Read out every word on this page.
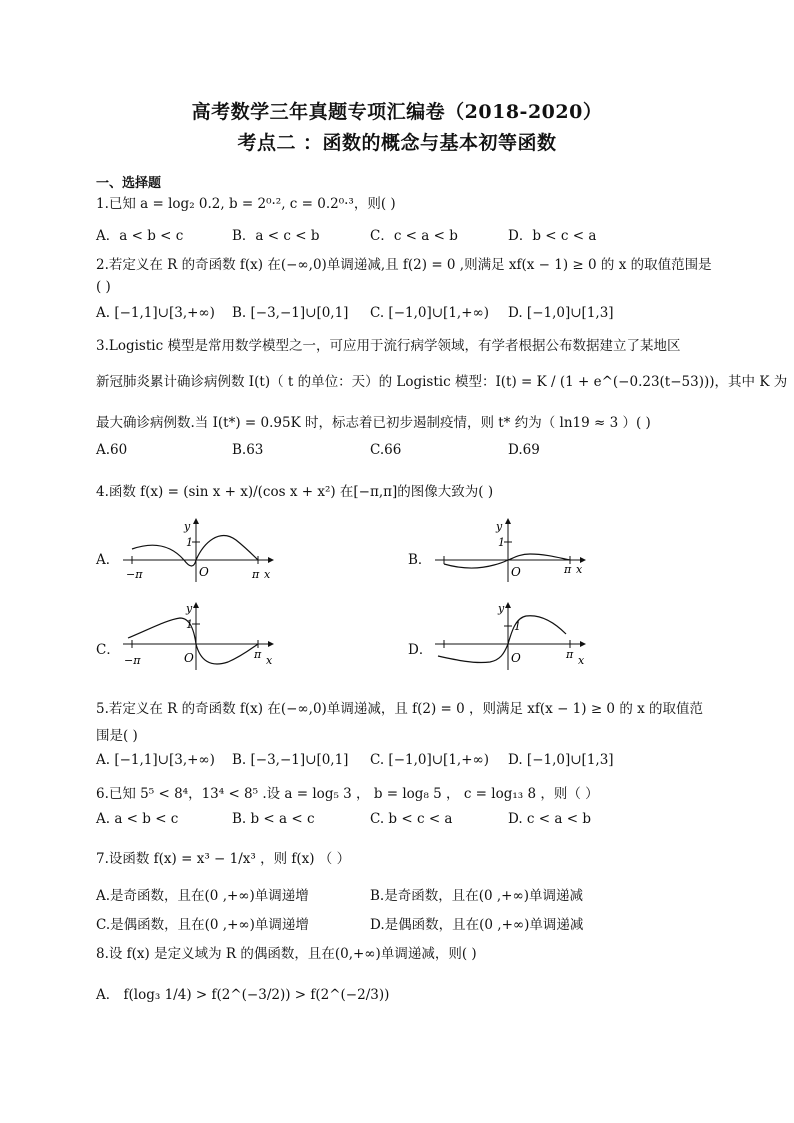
高考数学三年真题专项汇编卷（2018-2020）
考点二 ：函数的概念与基本初等函数
一、选择题
1.已知 a = log₂ 0.2, b = 2⁰·², c = 0.2⁰·³，则( )
A．a < b < c	B．a < c < b	C．c < a < b	D．b < c < a
2.若定义在 R 的奇函数 f(x) 在(−∞,0)单调递减,且 f(2) = 0 ,则满足 xf(x − 1) ≥ 0 的 x 的取值范围是
( )
A. [−1,1]∪[3,+∞) B. [−3,−1]∪[0,1] C. [−1,0]∪[1,+∞) D. [−1,0]∪[1,3]
3.Logistic 模型是常用数学模型之一，可应用于流行病学领域，有学者根据公布数据建立了某地区
新冠肺炎累计确诊病例数 I(t)（ t 的单位：天）的 Logistic 模型：I(t) = K / (1 + e^(−0.23(t−53)))，其中 K 为
最大确诊病例数.当 I(t*) = 0.95K 时，标志着已初步遏制疫情，则 t* 约为（ ln19 ≈ 3 ）( )
A.60	B.63	C.66	D.69
4.函数 f(x) = (sin x + x)/(cos x + x²) 在[−π,π]的图像大致为( )
A．	B．
C．	D．
y
1
O
−π	π x
y
1
O	π x
y
1
O
−π	π x
y
1
O	π x
5.若定义在 R 的奇函数 f(x) 在(−∞,0)单调递减，且 f(2) = 0 ，则满足 xf(x − 1) ≥ 0 的 x 的取值范
围是( )
A. [−1,1]∪[3,+∞) B. [−3,−1]∪[0,1] C. [−1,0]∪[1,+∞) D. [−1,0]∪[1,3]
6.已知 5⁵ < 8⁴，13⁴ < 8⁵ .设 a = log₅ 3 ， b = log₈ 5 ， c = log₁₃ 8 ，则（ ）
A. a < b < c	B. b < a < c	C. b < c < a	D. c < a < b
7.设函数 f(x) = x³ − 1/x³ ，则 f(x) （ ）
A.是奇函数，且在(0 ,+∞)单调递增	B.是奇函数，且在(0 ,+∞)单调递减
C.是偶函数，且在(0 ,+∞)单调递增	D.是偶函数，且在(0 ,+∞)单调递减
8.设 f(x) 是定义域为 R 的偶函数，且在(0,+∞)单调递减，则( )
A． f(log₃ 1/4) > f(2^(−3/2)) > f(2^(−2/3))
